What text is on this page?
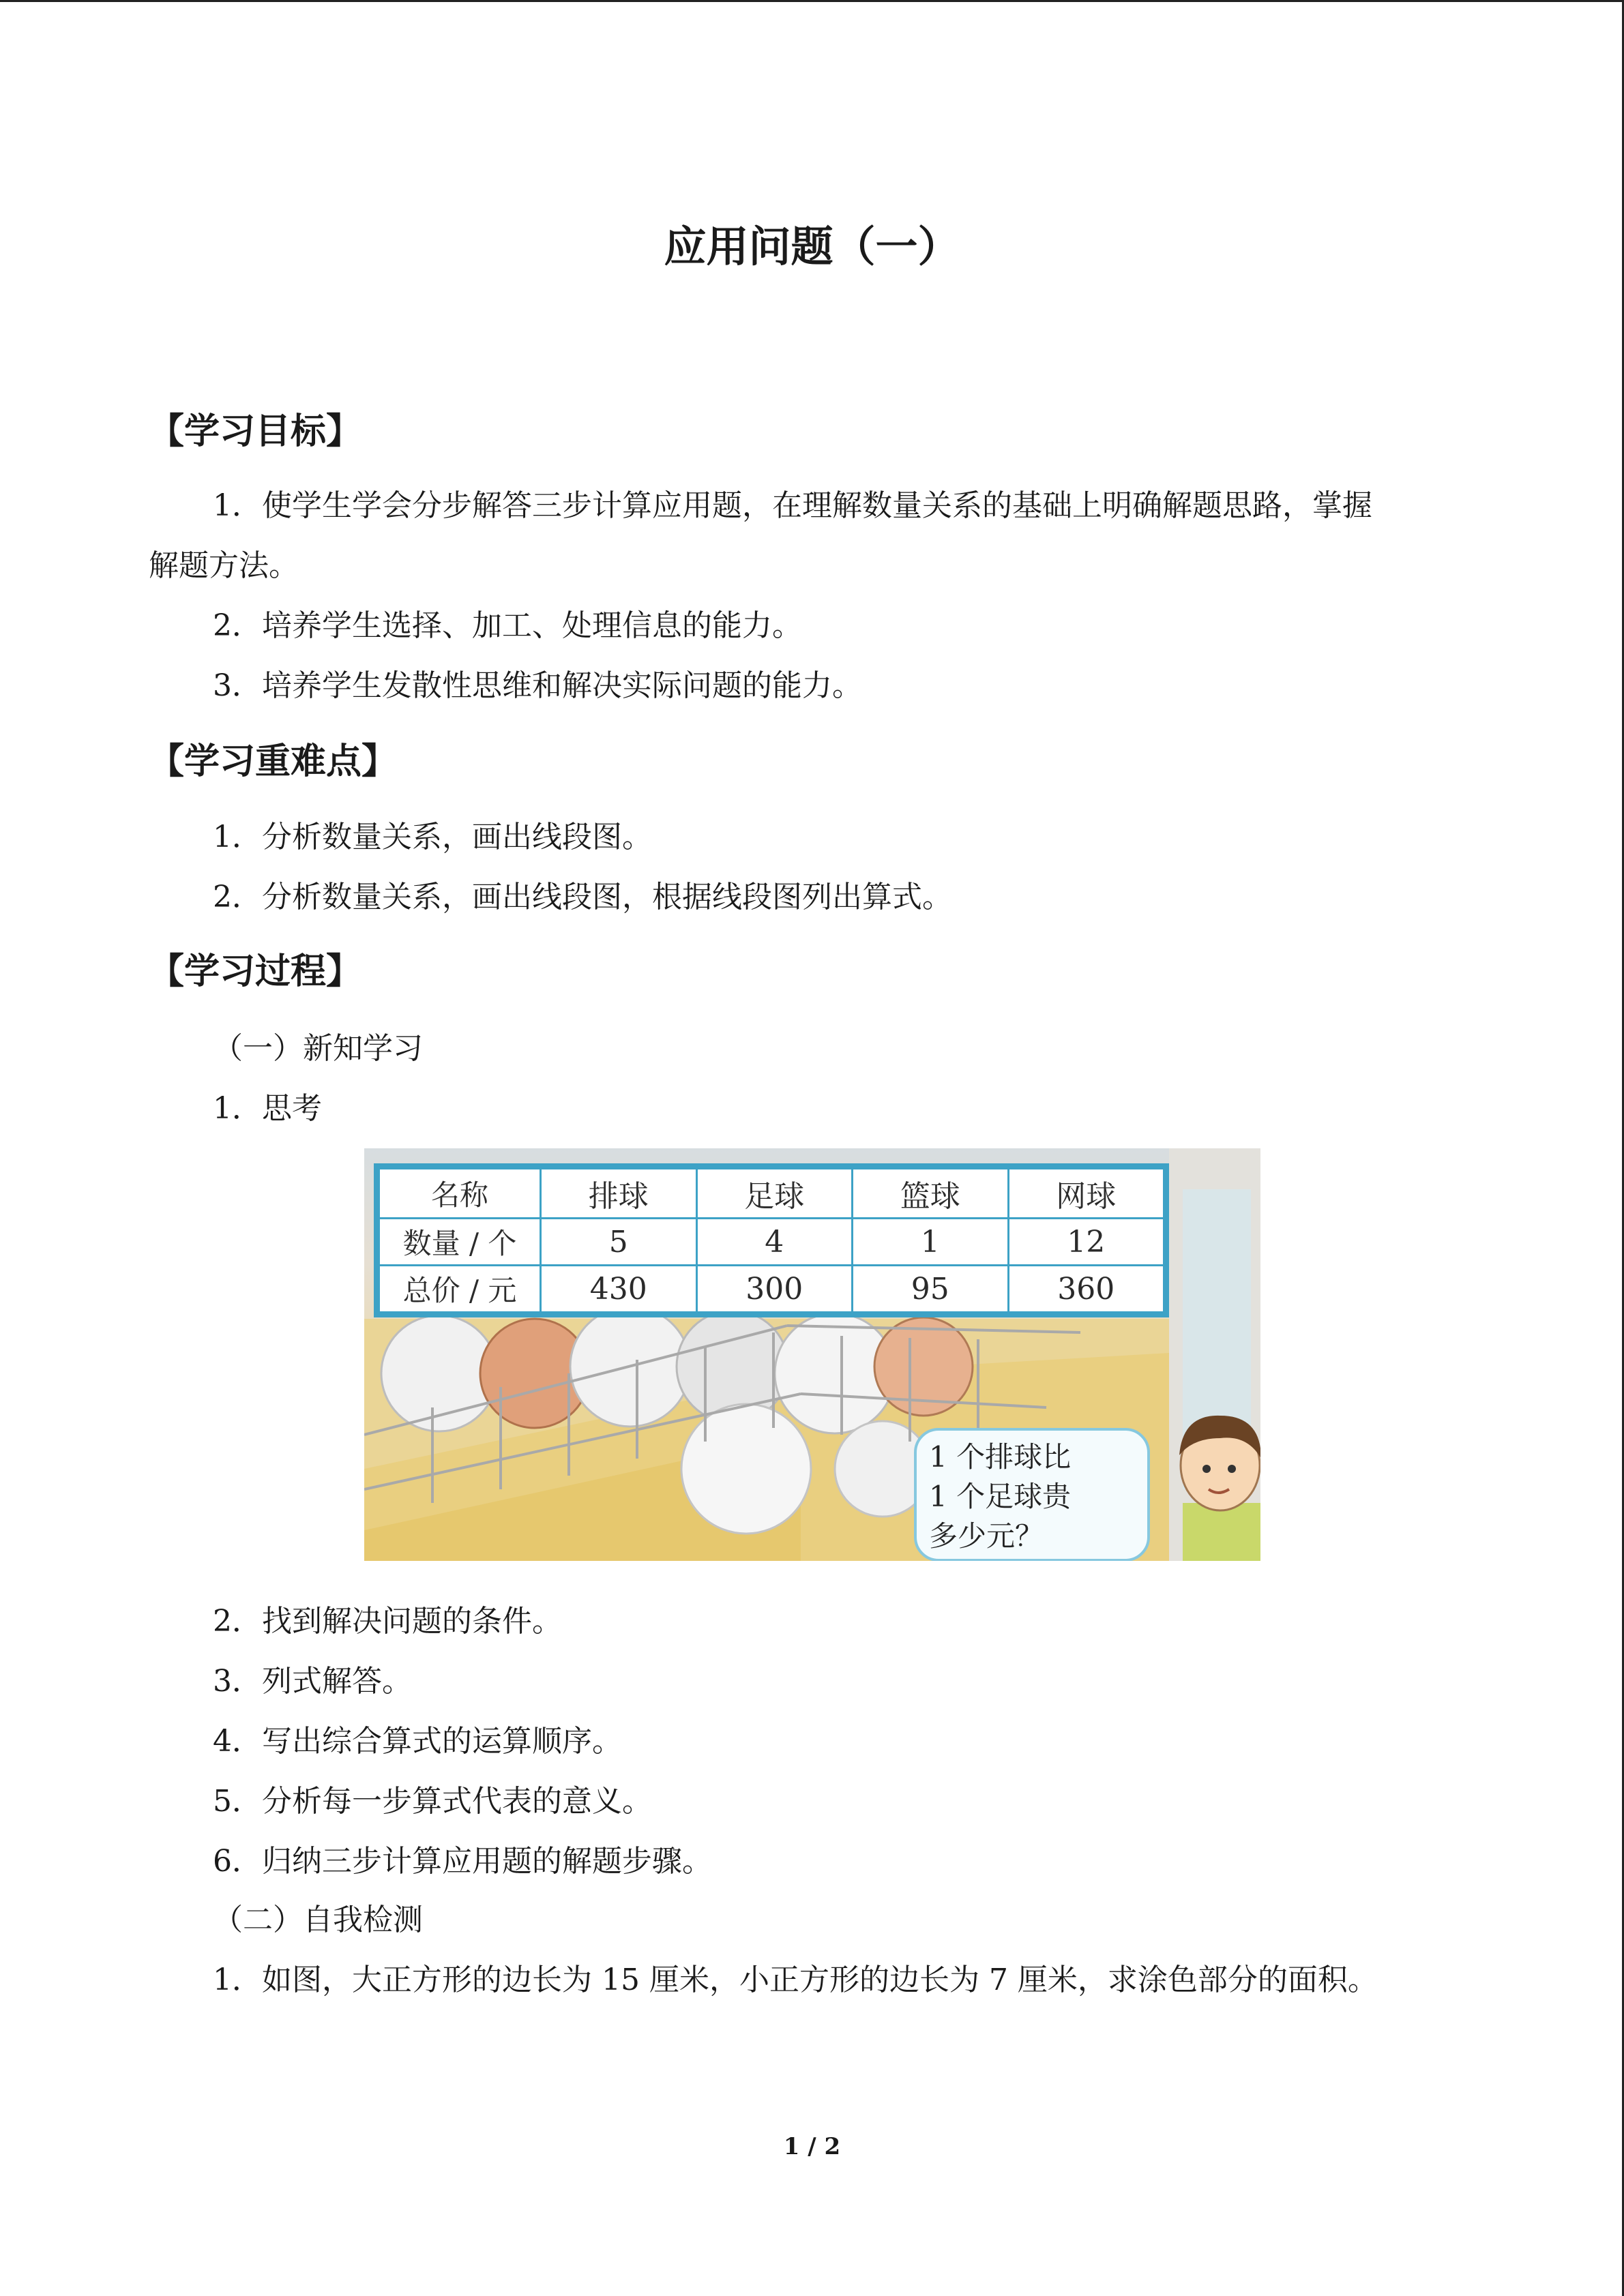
应用问题（一）
【学习目标】
1．使学生学会分步解答三步计算应用题，在理解数量关系的基础上明确解题思路，掌握
解题方法。
2．培养学生选择、加工、处理信息的能力。
3．培养学生发散性思维和解决实际问题的能力。
【学习重难点】
1．分析数量关系，画出线段图。
2．分析数量关系，画出线段图，根据线段图列出算式。
【学习过程】
（一）新知学习
1．思考
名称	排球	足球	篮球	网球
数量 / 个	5	4	1	12
总价 / 元	430	300	95	360
1 个排球比
1 个足球贵
多少元？
2．找到解决问题的条件。
3．列式解答。
4．写出综合算式的运算顺序。
5．分析每一步算式代表的意义。
6．归纳三步计算应用题的解题步骤。
（二）自我检测
1．如图，大正方形的边长为 15 厘米，小正方形的边长为 7 厘米，求涂色部分的面积。
1 / 2
